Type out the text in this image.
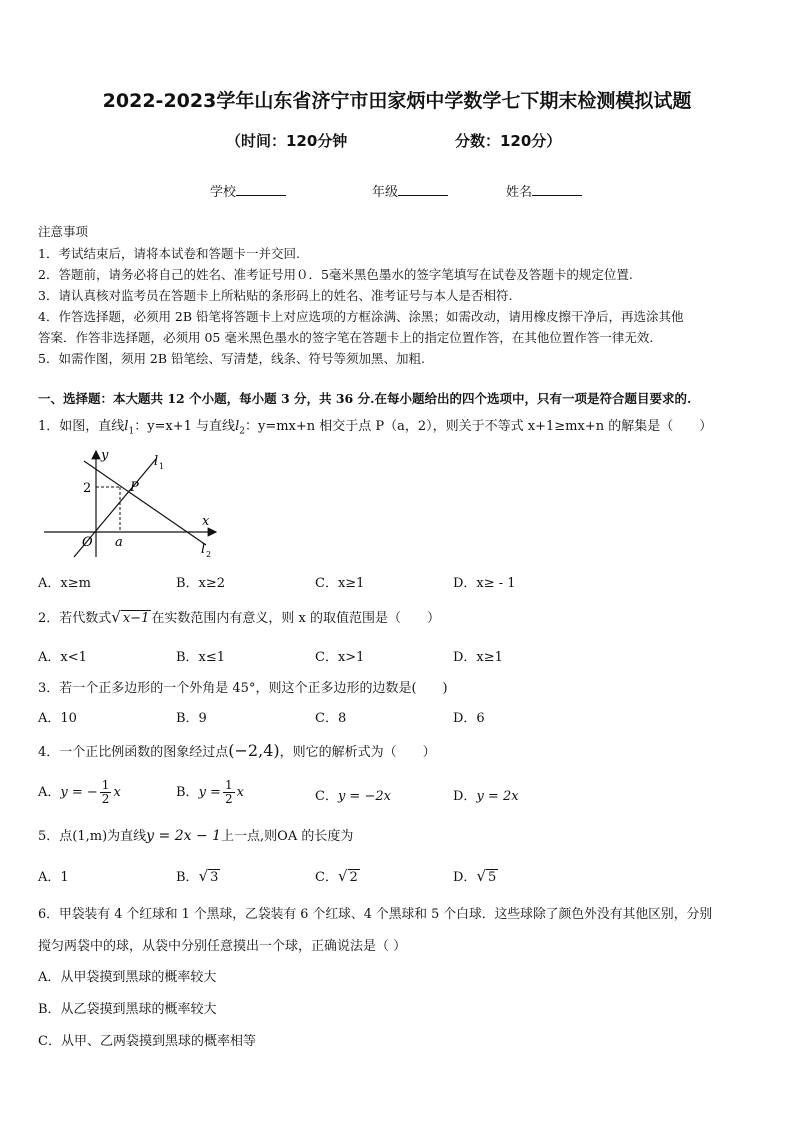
2022-2023学年山东省济宁市田家炳中学数学七下期末检测模拟试题
（时间：120分钟	分数：120分）
学校	年级	姓名
注意事项
1．考试结束后，请将本试卷和答题卡一并交回.
2．答题前，请务必将自己的姓名、准考证号用０．5毫米黑色墨水的签字笔填写在试卷及答题卡的规定位置.
3．请认真核对监考员在答题卡上所粘贴的条形码上的姓名、准考证号与本人是否相符.
4．作答选择题，必须用 2B 铅笔将答题卡上对应选项的方框涂满、涂黑；如需改动，请用橡皮擦干净后，再选涂其他
答案．作答非选择题，必须用 05 毫米黑色墨水的签字笔在答题卡上的指定位置作答，在其他位置作答一律无效.
5．如需作图，须用 2B 铅笔绘、写清楚，线条、符号等须加黑、加粗.
一、选择题：本大题共 12 个小题，每小题 3 分，共 36 分.在每小题给出的四个选项中，只有一项是符合题目要求的.
1．如图，直线$l_1$：y=x+1 与直线$l_2$：y=mx+n 相交于点 P（a，2），则关于不等式 x+1≥mx+n 的解集是（　　）
y
x
O
2
a
P
l 1
l 2
A．x≥m	B．x≥2	C．x≥1	D．x≥ - 1
2．若代数式√ x−1 在实数范围内有意义，则 x 的取值范围是（　　）
A．x<1	B．x≤1	C．x>1	D．x≥1
3．若一个正多边形的一个外角是 45°，则这个正多边形的边数是(　　)
A．10	B．9	C．8	D．6
4．一个正比例函数的图象经过点(−2,4)，则它的解析式为（　　）
A．y = − $\frac{1}{2}$ x	B．$y = \frac{1}{2}$ x	C．y = −2x	D．y = 2x
5．点(1,m)为直线y = 2x − 1上一点,则OA 的长度为
A．1	B．√ 3	C．√ 2	D．√ 5
6．甲袋装有 4 个红球和 1 个黑球，乙袋装有 6 个红球、4 个黑球和 5 个白球．这些球除了颜色外没有其他区别，分别
搅匀两袋中的球，从袋中分别任意摸出一个球，正确说法是（ ）
A．从甲袋摸到黑球的概率较大
B．从乙袋摸到黑球的概率较大
C．从甲、乙两袋摸到黑球的概率相等
